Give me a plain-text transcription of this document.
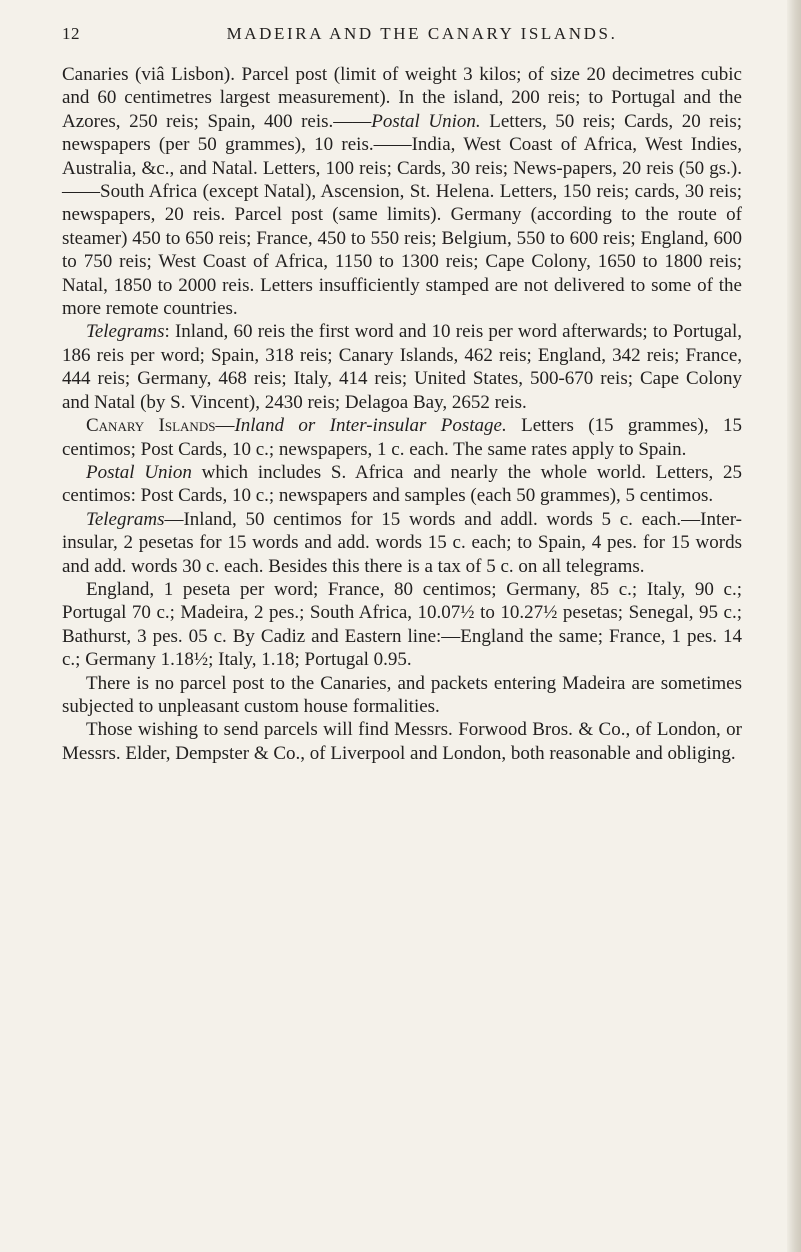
12	MADEIRA AND THE CANARY ISLANDS.

Canaries (viâ Lisbon). Parcel post (limit of weight 3 kilos; of size 20 decimetres cubic and 60 centimetres largest measurement). In the island, 200 reis; to Portugal and the Azores, 250 reis; Spain, 400 reis.——Postal Union. Letters, 50 reis; Cards, 20 reis; newspapers (per 50 grammes), 10 reis.——India, West Coast of Africa, West Indies, Australia, &c., and Natal. Letters, 100 reis; Cards, 30 reis; News-papers, 20 reis (50 gs.).——South Africa (except Natal), Ascension, St. Helena. Letters, 150 reis; cards, 30 reis; newspapers, 20 reis. Parcel post (same limits). Germany (according to the route of steamer) 450 to 650 reis; France, 450 to 550 reis; Belgium, 550 to 600 reis; England, 600 to 750 reis; West Coast of Africa, 1150 to 1300 reis; Cape Colony, 1650 to 1800 reis; Natal, 1850 to 2000 reis. Letters insufficiently stamped are not delivered to some of the more remote countries.

Telegrams: Inland, 60 reis the first word and 10 reis per word afterwards; to Portugal, 186 reis per word; Spain, 318 reis; Canary Islands, 462 reis; England, 342 reis; France, 444 reis; Germany, 468 reis; Italy, 414 reis; United States, 500-670 reis; Cape Colony and Natal (by S. Vincent), 2430 reis; Delagoa Bay, 2652 reis.

Canary Islands—Inland or Inter-insular Postage. Letters (15 grammes), 15 centimos; Post Cards, 10 c.; newspapers, 1 c. each. The same rates apply to Spain.

Postal Union which includes S. Africa and nearly the whole world. Letters, 25 centimos: Post Cards, 10 c.; newspapers and samples (each 50 grammes), 5 centimos.

Telegrams—Inland, 50 centimos for 15 words and addl. words 5 c. each.—Inter-insular, 2 pesetas for 15 words and add. words 15 c. each; to Spain, 4 pes. for 15 words and add. words 30 c. each. Besides this there is a tax of 5 c. on all telegrams.

England, 1 peseta per word; France, 80 centimos; Germany, 85 c.; Italy, 90 c.; Portugal 70 c.; Madeira, 2 pes.; South Africa, 10.07½ to 10.27½ pesetas; Senegal, 95 c.; Bathurst, 3 pes. 05 c. By Cadiz and Eastern line:—England the same; France, 1 pes. 14 c.; Germany 1.18½; Italy, 1.18; Portugal 0.95.

There is no parcel post to the Canaries, and packets entering Madeira are sometimes subjected to unpleasant custom house formalities.

Those wishing to send parcels will find Messrs. Forwood Bros. & Co., of London, or Messrs. Elder, Dempster & Co., of Liverpool and London, both reasonable and obliging.
